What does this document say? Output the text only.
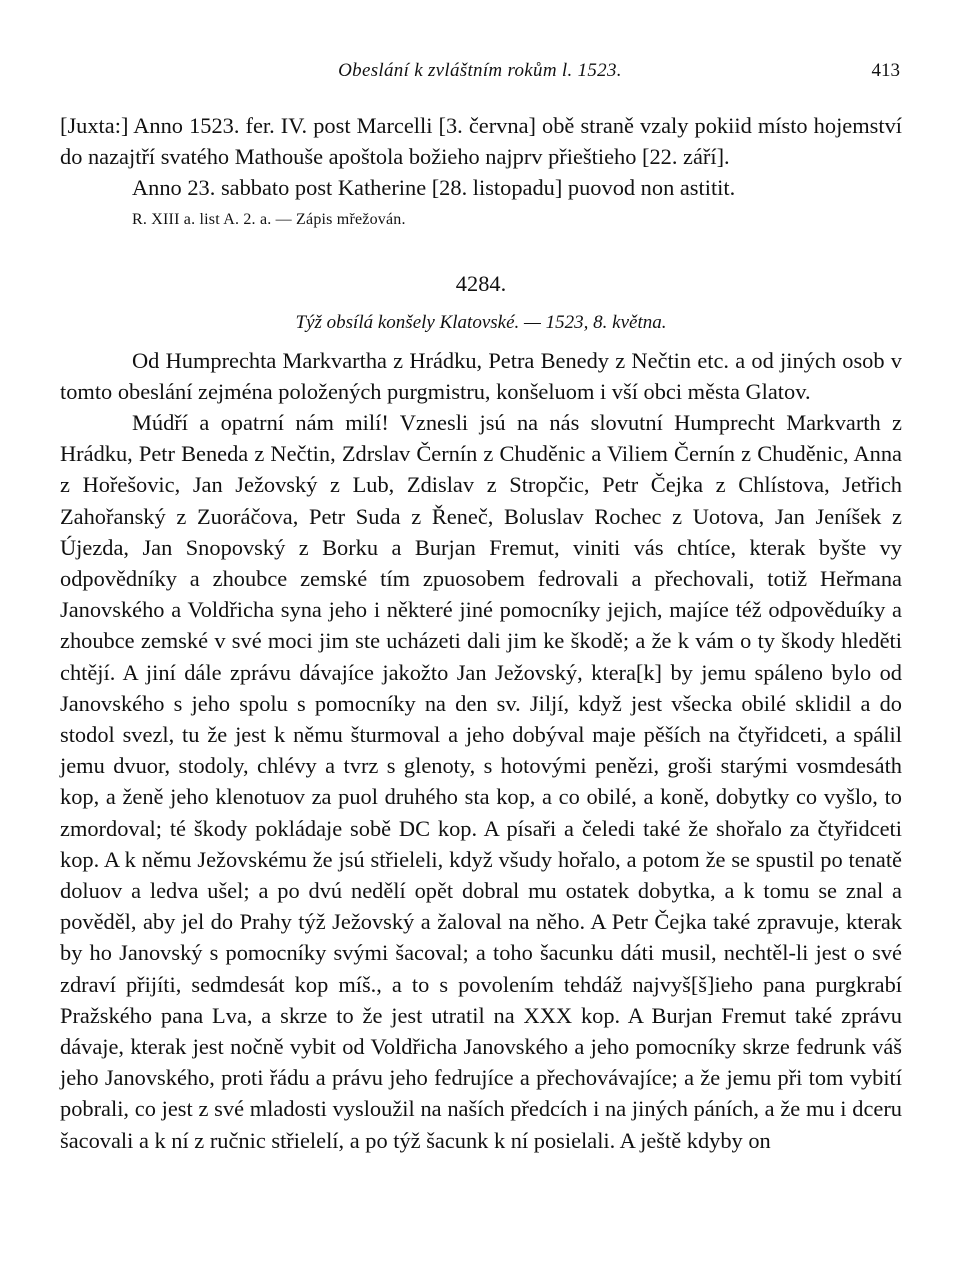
Obeslání k zvláštním rokům l. 1523.	413

[Juxta:] Anno 1523. fer. IV. post Marcelli [3. června] obě straně vzaly pokiid místo hojemství do nazajtří svatého Mathouše apoštola božieho najprv přieštieho [22. září].

Anno 23. sabbato post Katherine [28. listopadu] puovod non astitit.

R. XIII a. list A. 2. a. — Zápis mřežován.
4284.
Týž obsílá konšely Klatovské. — 1523, 8. května.

Od Humprechta Markvartha z Hrádku, Petra Benedy z Nečtin etc. a od jiných osob v tomto obeslání zejména položených purgmistru, konšeluom i vší obci města Glatov.

Múdří a opatrní nám milí! Vznesli jsú na nás slovutní Humprecht Markvarth z Hrádku, Petr Beneda z Nečtin, Zdrslav Černín z Chuděnic a Viliem Černín z Chuděnic, Anna z Hořešovic, Jan Ježovský z Lub, Zdislav z Stropčic, Petr Čejka z Chlístova, Jetřich Zahořanský z Zuoráčova, Petr Suda z Řeneč, Boluslav Rochec z Uotova, Jan Jeníšek z Újezda, Jan Snopovský z Borku a Burjan Fremut, viniti vás chtíce, kterak byšte vy odpovědníky a zhoubce zemské tím zpuosobem fedrovali a přechovali, totiž Heřmana Janovského a Voldřicha syna jeho i některé jiné pomocníky jejich, majíce též odpověduíky a zhoubce zemské v své moci jim ste ucházeti dali jim ke škodě; a že k vám o ty škody hleděti chtějí. A jiní dále zprávu dávajíce jakožto Jan Ježovský, ktera[k] by jemu spáleno bylo od Janovského s jeho spolu s pomocníky na den sv. Jiljí, když jest všecka obilé sklidil a do stodol svezl, tu že jest k němu šturmoval a jeho dobýval maje pěších na čtyřidceti, a spálil jemu dvuor, stodoly, chlévy a tvrz s glenoty, s hotovými penězi, groši starými vosmdesáth kop, a ženě jeho klenotuov za puol druhého sta kop, a co obilé, a koně, dobytky co vyšlo, to zmordoval; té škody pokládaje sobě DC kop. A písaři a čeledi také že shořalo za čtyřidceti kop. A k němu Ježovskému že jsú střieleli, když všudy hořalo, a potom že se spustil po tenatě doluov a ledva ušel; a po dvú nedělí opět dobral mu ostatek dobytka, a k tomu se znal a pověděl, aby jel do Prahy týž Ježovský a žaloval na něho. A Petr Čejka také zpravuje, kterak by ho Janovský s pomocníky svými šacoval; a toho šacunku dáti musil, nechtěl-li jest o své zdraví přijíti, sedmdesát kop míš., a to s povolením tehdáž najvyš[š]ieho pana purgkrabí Pražského pana Lva, a skrze to že jest utratil na XXX kop. A Burjan Fremut také zprávu dávaje, kterak jest nočně vybit od Voldřicha Janovského a jeho pomocníky skrze fedrunk váš jeho Janovského, proti řádu a právu jeho fedrujíce a přechovávajíce; a že jemu při tom vybití pobrali, co jest z své mladosti vysloužil na naších předcích i na jiných páních, a že mu i dceru šacovali a k ní z ručnic střielelí, a po týž šacunk k ní posielali. A ještě kdyby on
